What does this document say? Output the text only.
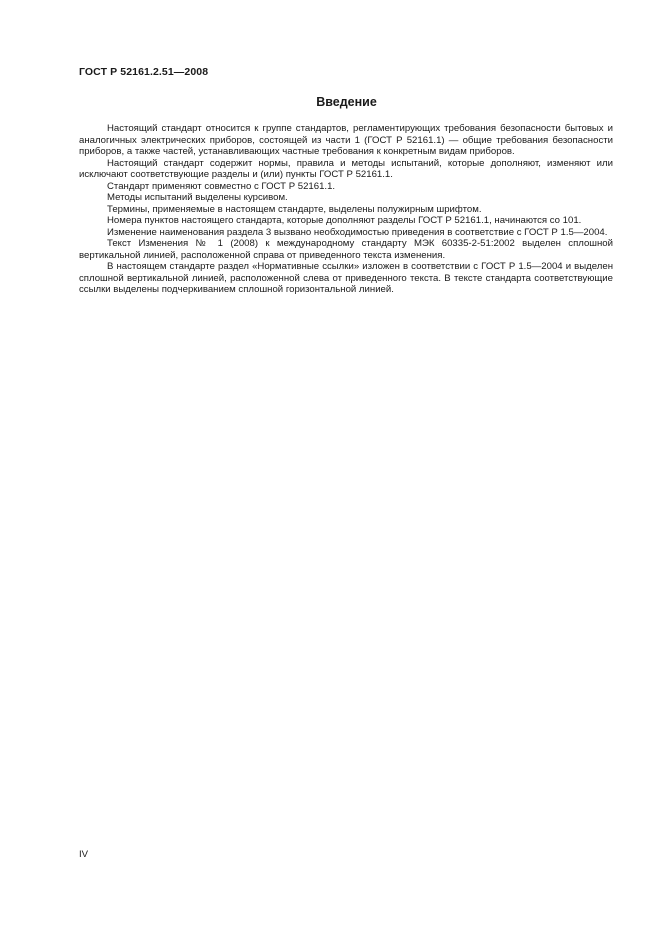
ГОСТ Р 52161.2.51—2008
Введение

Настоящий стандарт относится к группе стандартов, регламентирующих требования безопасности бытовых и аналогичных электрических приборов, состоящей из части 1 (ГОСТ Р 52161.1) — общие требования безопасности приборов, а также частей, устанавливающих частные требования к конкретным видам приборов.

Настоящий стандарт содержит нормы, правила и методы испытаний, которые дополняют, изменяют или исключают соответствующие разделы и (или) пункты ГОСТ Р 52161.1.

Стандарт применяют совместно с ГОСТ Р 52161.1.

Методы испытаний выделены курсивом.

Термины, применяемые в настоящем стандарте, выделены полужирным шрифтом.

Номера пунктов настоящего стандарта, которые дополняют разделы ГОСТ Р 52161.1, начинаются со 101.

Изменение наименования раздела 3 вызвано необходимостью приведения в соответствие с ГОСТ Р 1.5—2004.

Текст Изменения № 1 (2008) к международному стандарту МЭК 60335-2-51:2002 выделен сплошной вертикальной линией, расположенной справа от приведенного текста изменения.

В настоящем стандарте раздел «Нормативные ссылки» изложен в соответствии с ГОСТ Р 1.5—2004 и выделен сплошной вертикальной линией, расположенной слева от приведенного текста. В тексте стандарта соответствующие ссылки выделены подчеркиванием сплошной горизонтальной линией.

IV
